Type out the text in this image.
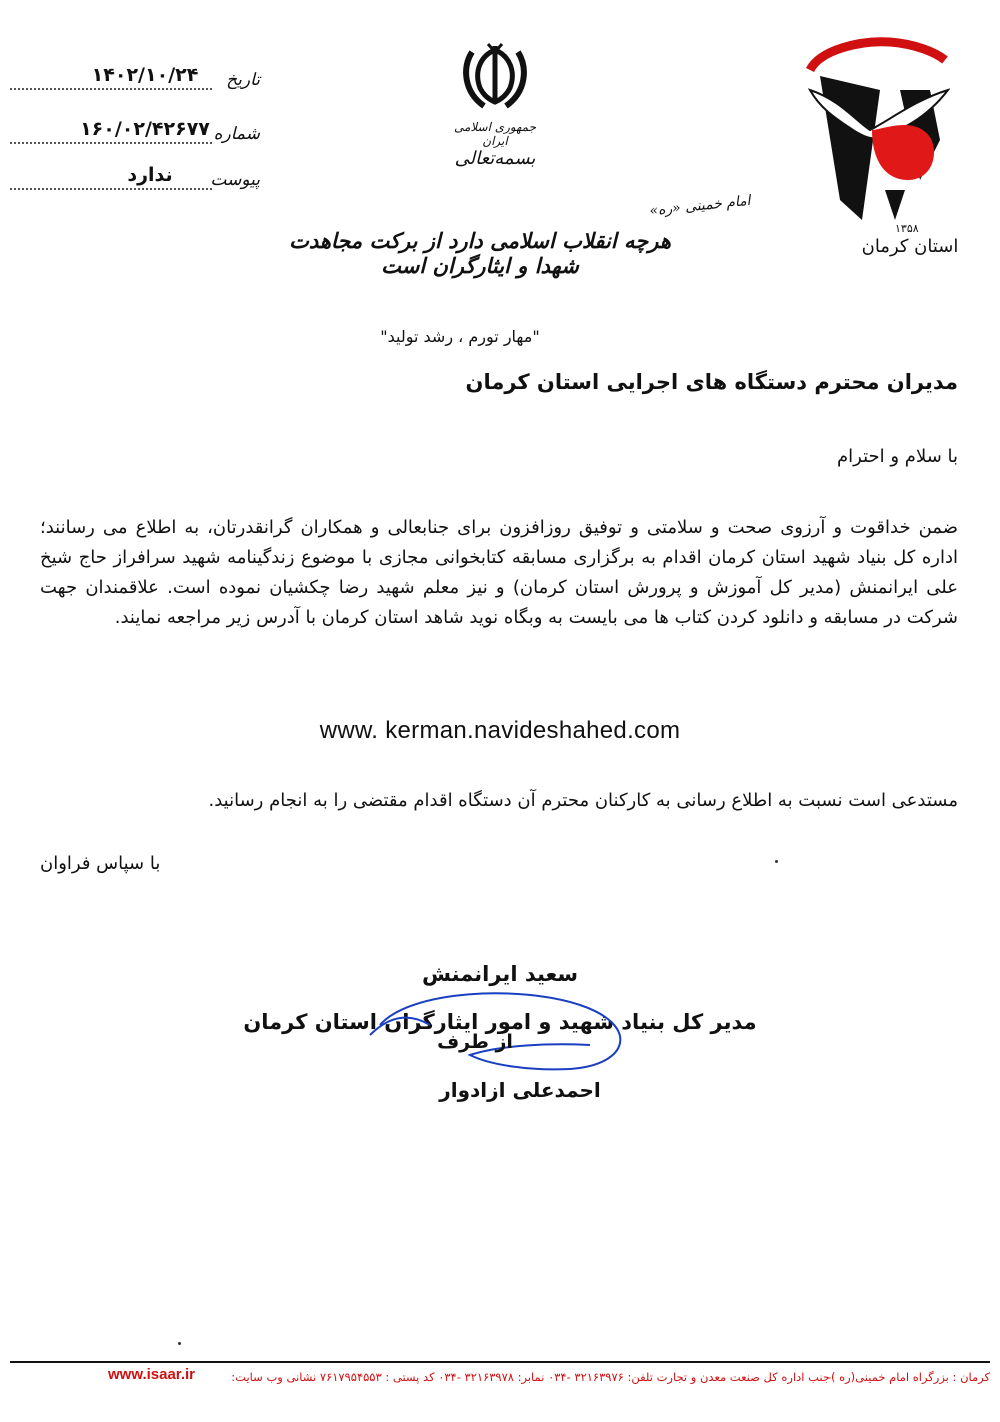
۱۴۰۲/۱۰/۲۴	تاریخ
۱۶۰/۰۲/۴۲۶۷۷ شماره
ندارد	پیوست
جمهوری اسلامی ایران
بسمه‌تعالی
امام خمینی «ره»
هرچه انقلاب اسلامی دارد از برکت مجاهدت شهدا و ایثارگران است
۱۳۵۸
استان کرمان
"مهار تورم ، رشد تولید"
مدیران محترم دستگاه های اجرایی استان کرمان
با سلام و احترام
ضمن خداقوت و آرزوی صحت و سلامتی و توفیق روزافزون برای جنابعالی و همکاران گرانقدرتان، به اطلاع می رسانند؛ اداره کل بنیاد شهید استان کرمان اقدام به برگزاری مسابقه کتابخوانی مجازی با موضوع زندگینامه شهید سرافراز حاج شیخ علی ایرانمنش (مدیر کل آموزش و پرورش استان کرمان) و نیز معلم شهید رضا چکشیان نموده است. علاقمندان جهت شرکت در مسابقه و دانلود کردن کتاب ها می بایست به وبگاه نوید شاهد استان کرمان با آدرس زیر مراجعه نمایند.
www. kerman.navideshahed.com
مستدعی است نسبت به اطلاع رسانی به کارکنان محترم آن دستگاه اقدام مقتضی را به انجام رسانید.
با سپاس فراوان
سعید ایرانمنش
مدیر کل بنیاد شهید و امور ایثارگران استان کرمان
از طرف
احمدعلی ازادوار
کرمان : بزرگراه امام خمینی(ره )-
جنب اداره کل صنعت معدن و تجارت تلفن: ۳۲۱۶۳۹۷۶ -۰۳۴ نمابر: ۳۲۱۶۳۹۷۸ -۰۳۴ کد پستی : ۷۶۱۷۹۵۴۵۵۳ نشانی وب سایت:
www.isaar.ir
